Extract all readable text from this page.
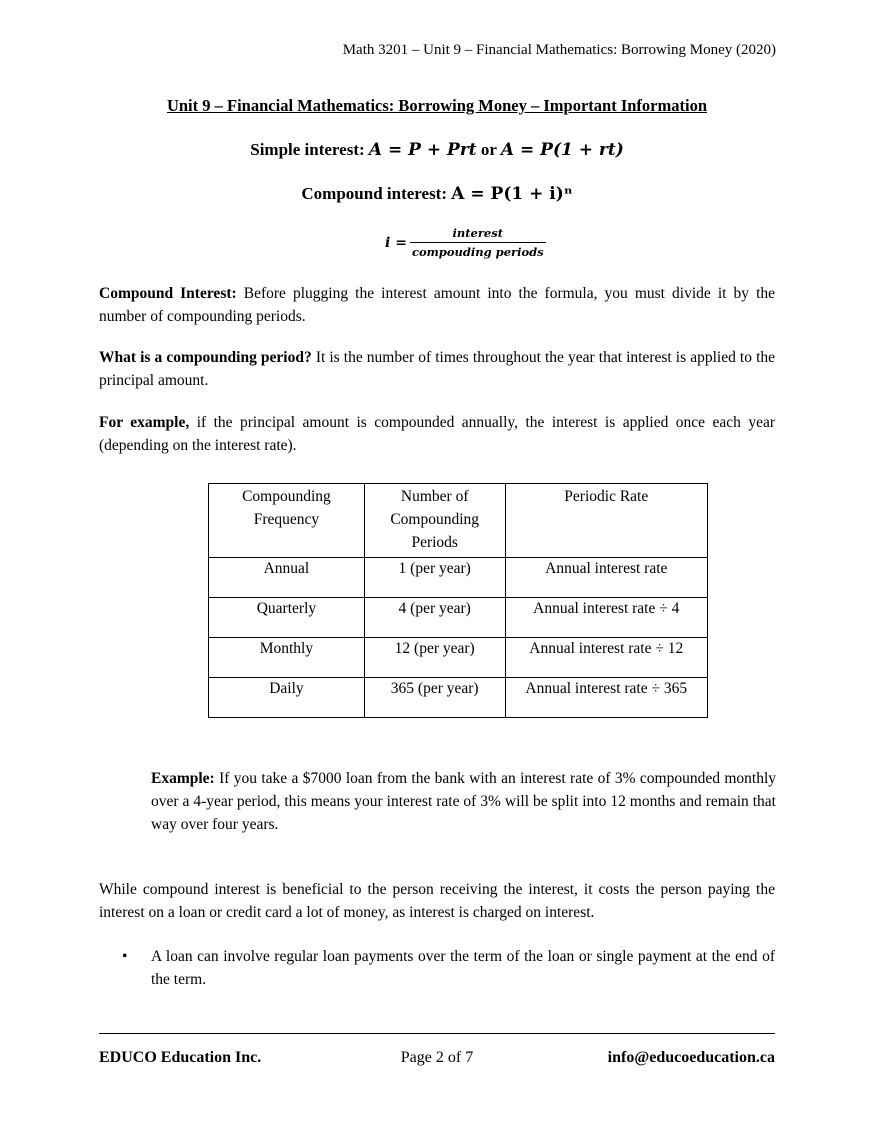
Math 3201 – Unit 9 – Financial Mathematics: Borrowing Money (2020)
Unit 9 – Financial Mathematics: Borrowing Money – Important Information
Simple interest: A = P + Prt or A = P(1 + rt)
Compound interest: A = P(1 + i)ⁿ
$i = \frac{\text{interest}}{\text{compouding periods}}$
Compound Interest: Before plugging the interest amount into the formula, you must divide it by the number of compounding periods.
What is a compounding period? It is the number of times throughout the year that interest is applied to the principal amount.
For example, if the principal amount is compounded annually, the interest is applied once each year (depending on the interest rate).
Compounding Frequency	Number of Compounding Periods	Periodic Rate
Annual	1 (per year)	Annual interest rate
Quarterly	4 (per year)	Annual interest rate ÷ 4
Monthly	12 (per year)	Annual interest rate ÷ 12
Daily	365 (per year)	Annual interest rate ÷ 365
Example: If you take a $7000 loan from the bank with an interest rate of 3% compounded monthly over a 4-year period, this means your interest rate of 3% will be split into 12 months and remain that way over four years.
While compound interest is beneficial to the person receiving the interest, it costs the person paying the interest on a loan or credit card a lot of money, as interest is charged on interest.
• A loan can involve regular loan payments over the term of the loan or single payment at the end of the term.
EDUCO Education Inc.	Page 2 of 7	info@educoeducation.ca
